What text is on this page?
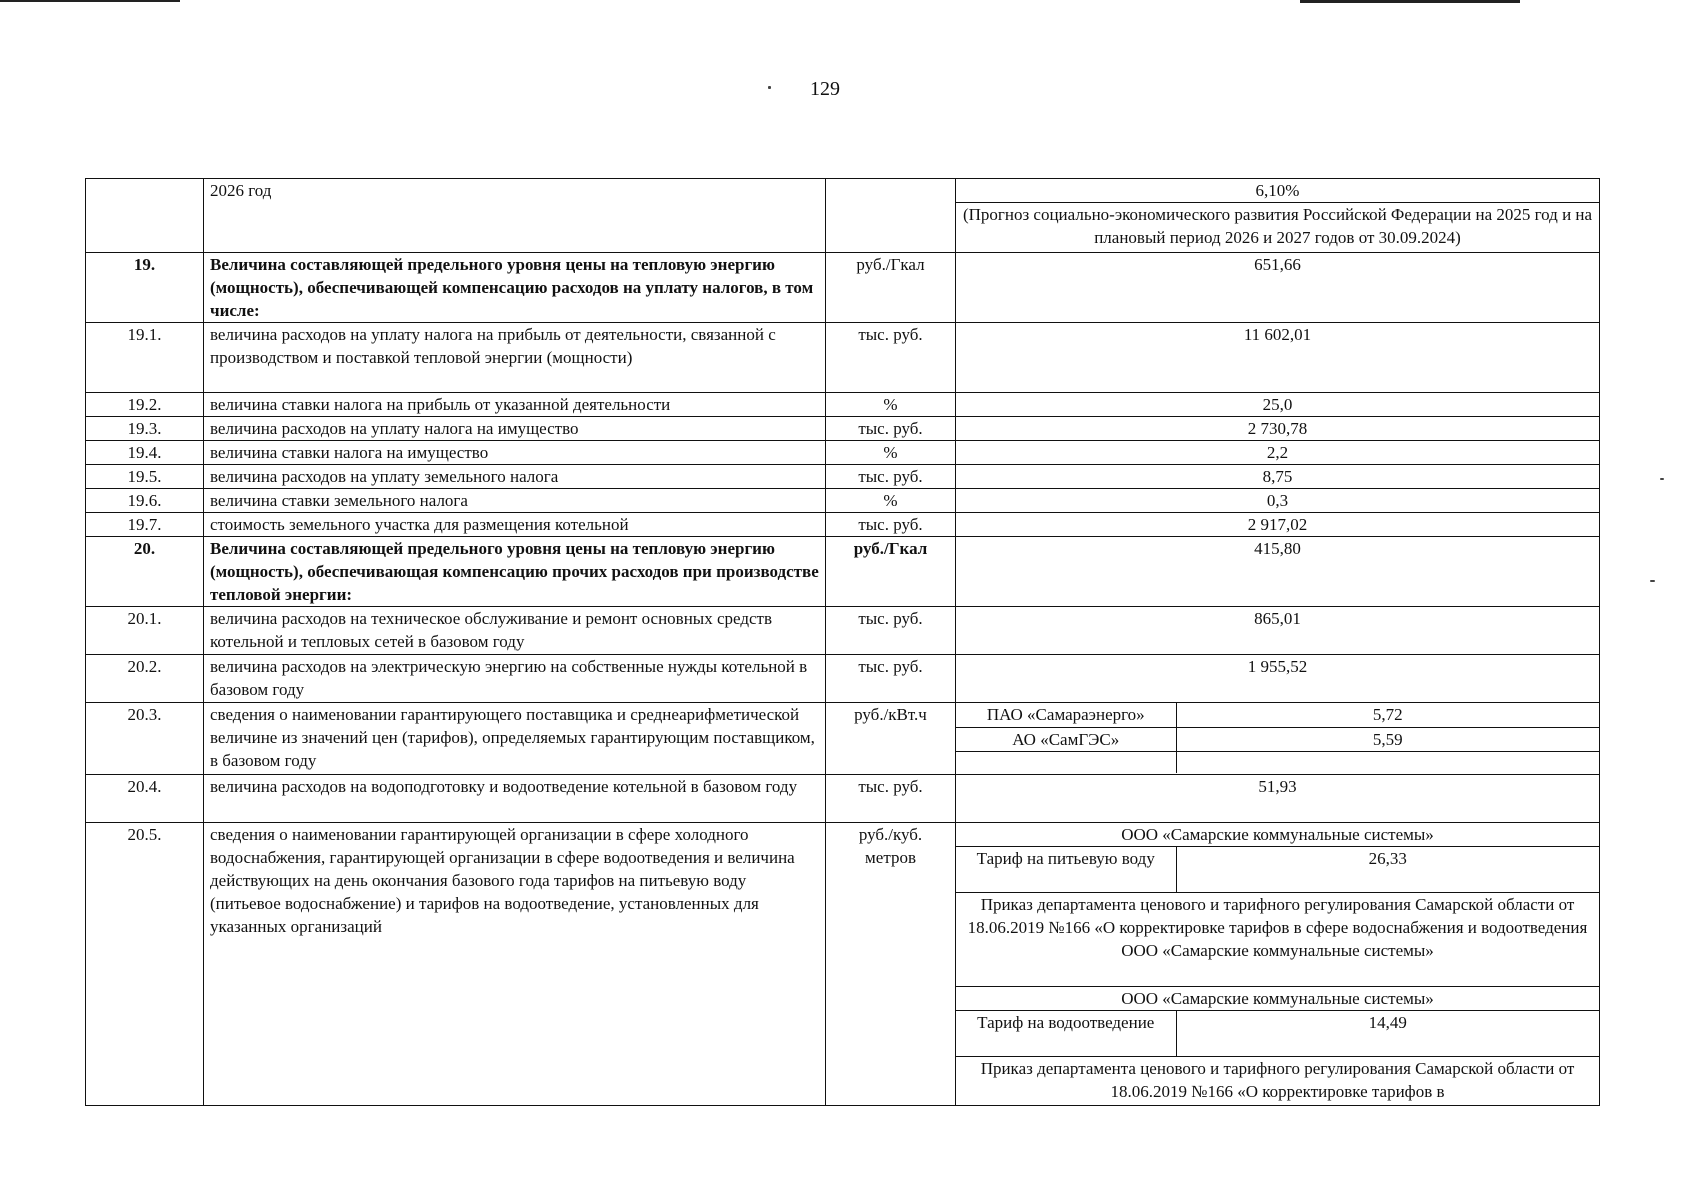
129
	2026 год			6,10%
(Прогноз социально-экономического развития Российской Федерации на 2025 год и на плановый период 2026 и 2027 годов от 30.09.2024)

19.	Величина составляющей предельного уровня цены на тепловую энергию (мощность), обеспечивающей компенсацию расходов на уплату налогов, в том числе:	руб./Гкал	651,66
19.1.	величина расходов на уплату налога на прибыль от деятельности, связанной с производством и поставкой тепловой энергии (мощности)	тыс. руб.	11 602,01
19.2.	величина ставки налога на прибыль от указанной деятельности	%	25,0
19.3.	величина расходов на уплату налога на имущество	тыс. руб.	2 730,78
19.4.	величина ставки налога на имущество	%	2,2
19.5.	величина расходов на уплату земельного налога	тыс. руб.	8,75
19.6.	величина ставки земельного налога	%	0,3
19.7.	стоимость земельного участка для размещения котельной	тыс. руб.	2 917,02
20.	Величина составляющей предельного уровня цены на тепловую энергию (мощность), обеспечивающая компенсацию прочих расходов при производстве тепловой энергии:	руб./Гкал	415,80
20.1.	величина расходов на техническое обслуживание и ремонт основных средств котельной и тепловых сетей в базовом году	тыс. руб.	865,01
20.2.	величина расходов на электрическую энергию на собственные нужды котельной в базовом году	тыс. руб.	1 955,52
20.3.	сведения о наименовании гарантирующего поставщика и среднеарифметической величине из значений цен (тарифов), определяемых гарантирующим поставщиком, в базовом году	руб./кВт.ч		ПАО «Самараэнерго»	5,72
АО «СамГЭС»	5,59

20.4.	величина расходов на водоподготовку и водоотведение котельной в базовом году	тыс. руб.	51,93
20.5.	сведения о наименовании гарантирующей организации в сфере холодного водоснабжения, гарантирующей организации в сфере водоотведения и величина действующих на день окончания базового года тарифов на питьевую воду (питьевое водоснабжение) и тарифов на водоотведение, установленных для указанных организаций	руб./куб. метров	
ООО «Самарские коммунальные системы»
Тариф на питьевую воду	26,33
Приказ департамента ценового и тарифного регулирования Самарской области от 18.06.2019 №166 «О корректировке тарифов в сфере водоснабжения и водоотведения ООО «Самарские коммунальные системы»
ООО «Самарские коммунальные системы»
Тариф на водоотведение	14,49
Приказ департамента ценового и тарифного регулирования Самарской области от 18.06.2019 №166 «О корректировке тарифов в
